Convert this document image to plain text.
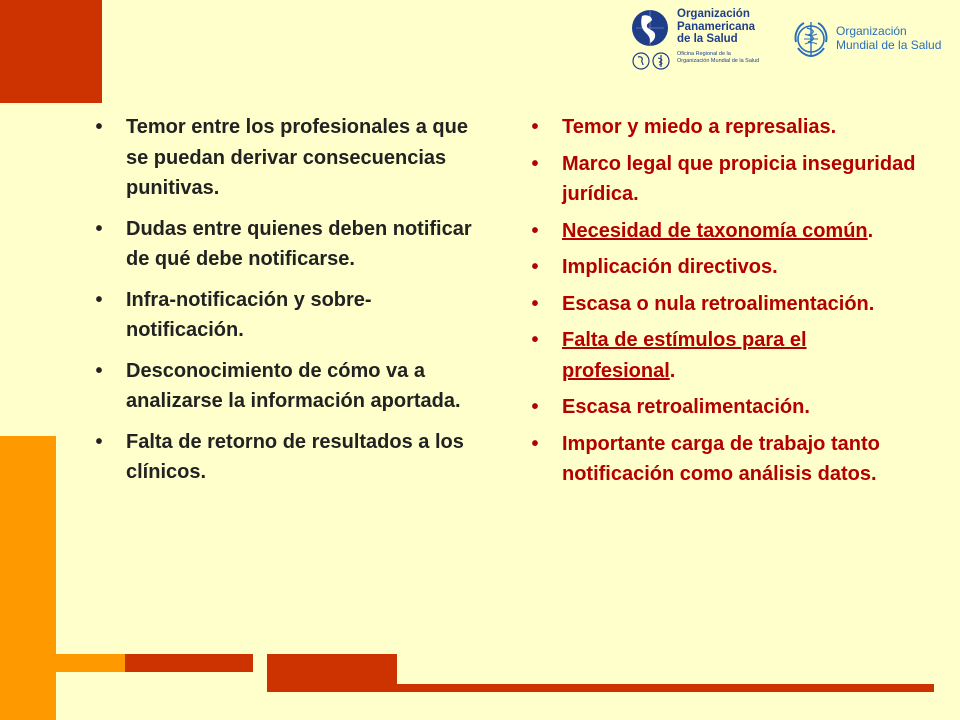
Organización
Panamericana
de la Salud
Oficina Regional de la
Organización Mundial de la Salud
Organización
Mundial de la Salud
• Temor entre los profesionales a que se puedan derivar consecuencias punitivas.
• Dudas entre quienes deben notificar de qué debe notificarse.
• Infra-notificación y sobre-notificación.
• Desconocimiento de cómo va a analizarse la información aportada.
• Falta de retorno de resultados a los clínicos.
• Temor y miedo a represalias.
• Marco legal que propicia inseguridad jurídica.
• Necesidad de taxonomía común.
• Implicación directivos.
• Escasa o nula retroalimentación.
• Falta de estímulos para el profesional.
• Escasa retroalimentación.
• Importante carga de trabajo tanto notificación como análisis datos.
